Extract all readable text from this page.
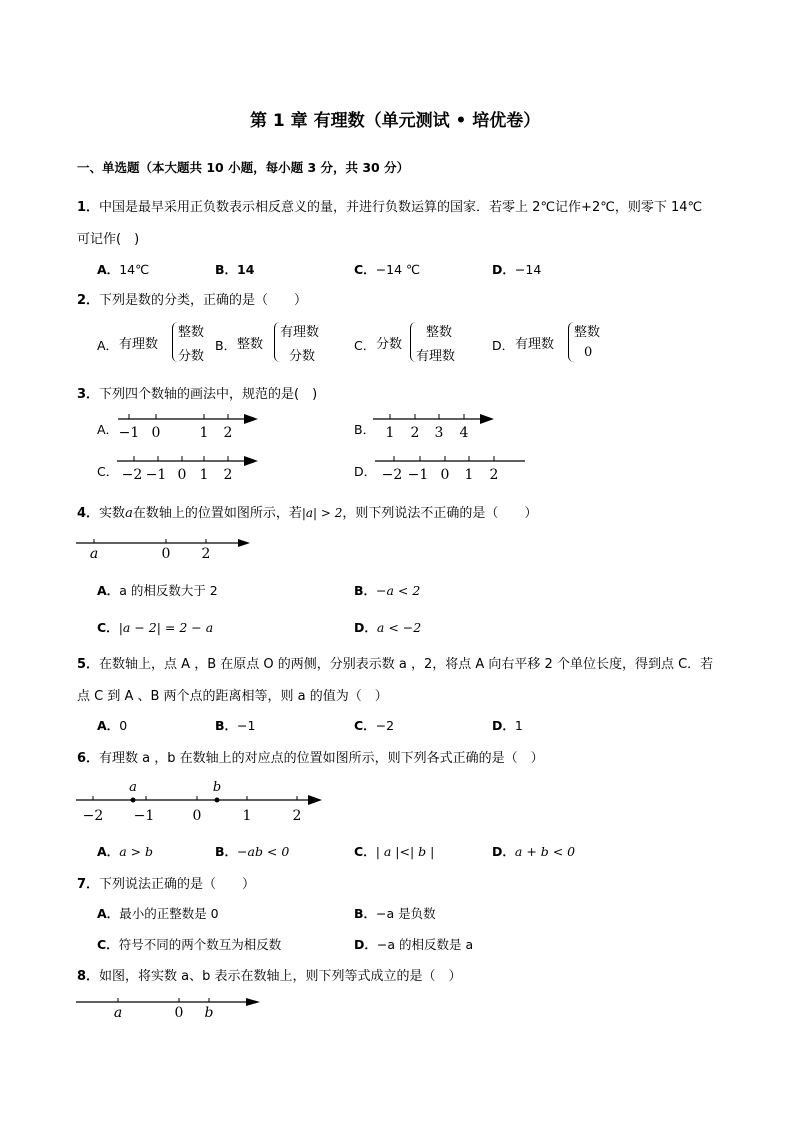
第 1 章 有理数（单元测试 • 培优卷）
一、单选题（本大题共 10 小题，每小题 3 分，共 30 分）
1．中国是最早采用正负数表示相反意义的量，并进行负数运算的国家．若零上 2℃记作+2℃，则零下 14℃
可记作(　)
A．14℃	B．14	C．−14 ℃	D．−14
2．下列是数的分类，正确的是（　　）
A． 有理数
整数
分数
B． 整数
有理数
分数
C． 分数
整数
有理数
D． 有理数
整数
0
3．下列四个数轴的画法中，规范的是(　)
A． −1 0	1 2	B． 1 2 3 4
C． −2 −1 0 1 2	D． −2 −1 0 1 2
4．实数a在数轴上的位置如图所示，若|a| > 2，则下列说法不正确的是（　　）
a	0 2
A．a 的相反数大于 2	B．−a < 2
C．|a − 2| = 2 − a	D．a < −2
5．在数轴上，点 A ，B 在原点 O 的两侧，分别表示数 a ，2，将点 A 向右平移 2 个单位长度，得到点 C．若
点 C 到 A 、B 两个点的距离相等，则 a 的值为（　）
A．0	B．−1	C．−2	D．1
6．有理数 a ，b 在数轴上的对应点的位置如图所示，则下列各式正确的是（　）
a	b
−2 −1	0	1	2
A．a > b	B．−ab < 0	C．| a |<| b |	D．a + b < 0
7．下列说法正确的是（　　）
A．最小的正整数是 0	B．−a 是负数
C．符号不同的两个数互为相反数	D．−a 的相反数是 a
8．如图，将实数 a、b 表示在数轴上，则下列等式成立的是（　）
a	0 b
